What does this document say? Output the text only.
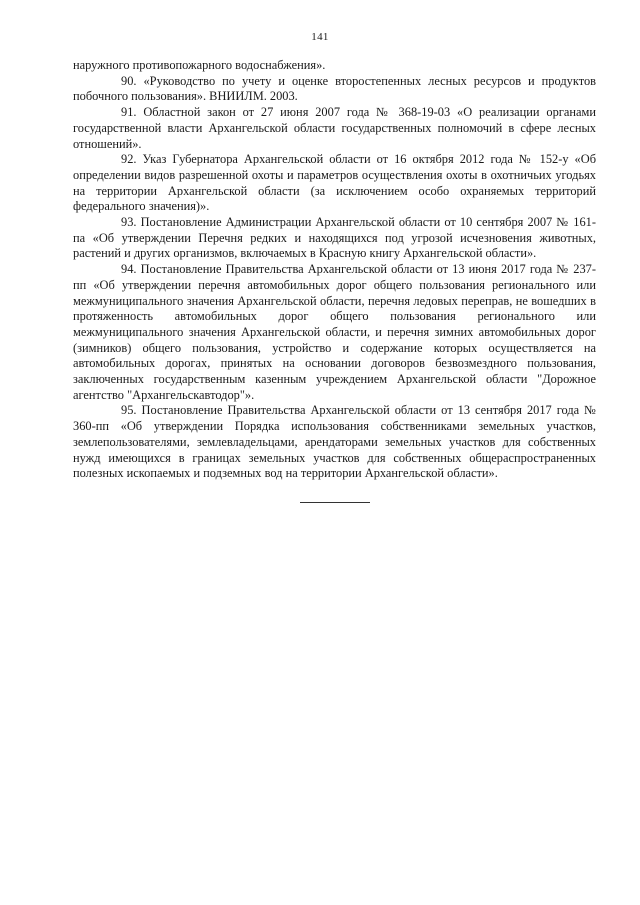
141

наружного противопожарного водоснабжения».

90. «Руководство по учету и оценке второстепенных лесных ресурсов и продуктов побочного пользования». ВНИИЛМ. 2003.

91. Областной закон от 27 июня 2007 года № 368-19-03 «О реализации органами государственной власти Архангельской области государственных полномочий в сфере лесных отношений».

92. Указ Губернатора Архангельской области от 16 октября 2012 года № 152-у «Об определении видов разрешенной охоты и параметров осуществления охоты в охотничьих угодьях на территории Архангельской области (за исключением особо охраняемых территорий федерального значения)».

93. Постановление Администрации Архангельской области от 10 сентября 2007 № 161-па «Об утверждении Перечня редких и находящихся под угрозой исчезновения животных, растений и других организмов, включаемых в Красную книгу Архангельской области».

94. Постановление Правительства Архангельской области от 13 июня 2017 года № 237-пп «Об утверждении перечня автомобильных дорог общего пользования регионального или межмуниципального значения Архангельской области, перечня ледовых переправ, не вошедших в протяженность автомобильных дорог общего пользования регионального или межмуниципального значения Архангельской области, и перечня зимних автомобильных дорог (зимников) общего пользования, устройство и содержание которых осуществляется на автомобильных дорогах, принятых на основании договоров безвозмездного пользования, заключенных государственным казенным учреждением Архангельской области "Дорожное агентство "Архангельскавтодор"».

95. Постановление Правительства Архангельской области от 13 сентября 2017 года № 360-пп «Об утверждении Порядка использования собственниками земельных участков, землепользователями, землевладельцами, арендаторами земельных участков для собственных нужд имеющихся в границах земельных участков для собственных общераспространенных полезных ископаемых и подземных вод на территории Архангельской области».
